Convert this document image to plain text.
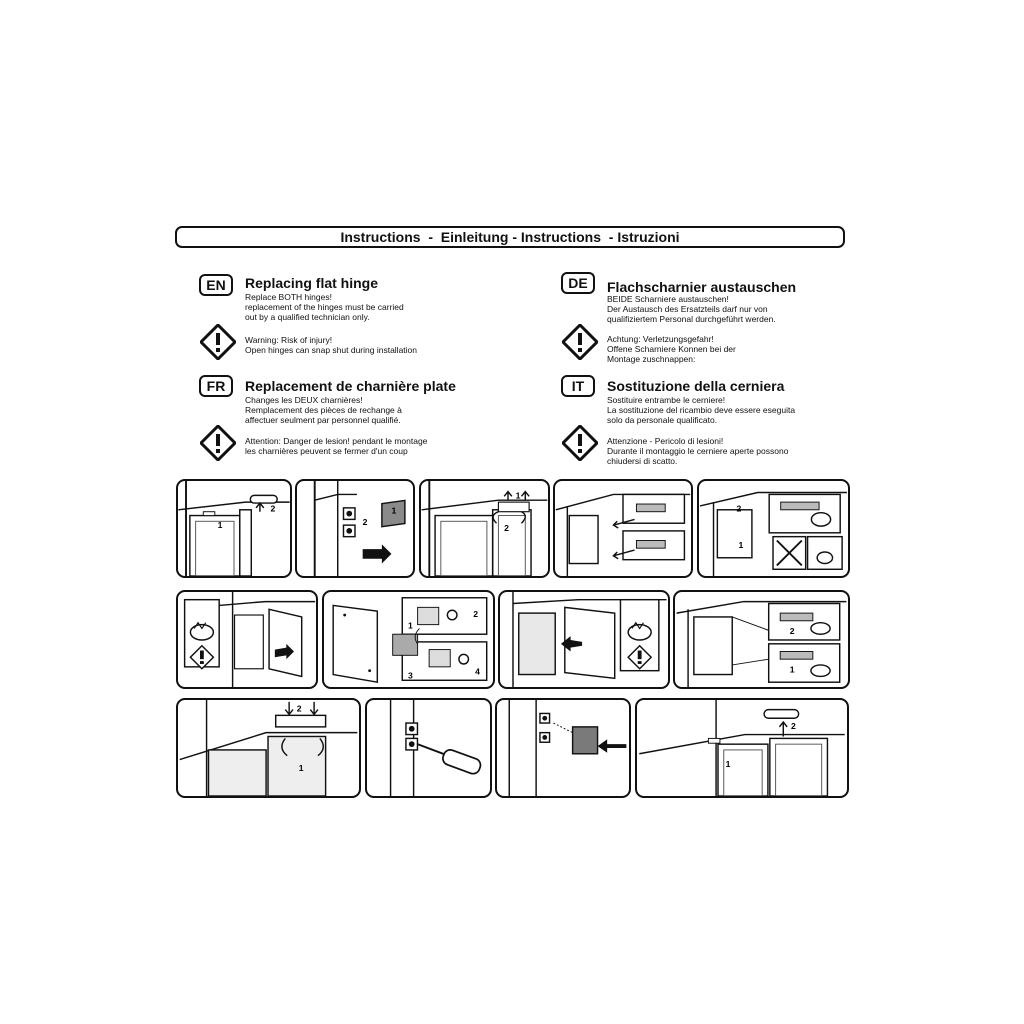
Instructions  -  Einleitung - Instructions  - Istruzioni
EN	Replacing flat hinge
Replace BOTH hinges!
replacement of the hinges must be carried
out by a qualified technician only.
Warning: Risk of injury!
Open hinges can snap shut during installation
DE	Flachscharnier austauschen
BEIDE Scharniere austauschen!
Der Austausch des Ersatzteils darf nur von
qualifiziertem Personal durchgeführt werden.
Achtung: Verletzungsgefahr!
Offene Scharniere Konnen bei der
Montage zuschnappen:
FR	Replacement de charnière plate
Changes les DEUX charnières!
Remplacement des pièces de rechange à
affectuer seulment par personnel qualifié.
Attention: Danger de lesion! pendant le montage
les charnières peuvent se fermer d'un coup
IT	Sostituzione della cerniera
Sostituire entrambe le cerniere!
La sostituzione del ricambio deve essere eseguita
solo da personale qualificato.
Attenzione - Pericolo di lesioni!
Durante il montaggio le cerniere aperte possono
chiudersi di scatto.
1
2
2
1
2
1
2
1
2
1
3	4
2
1
2
1
2
1
